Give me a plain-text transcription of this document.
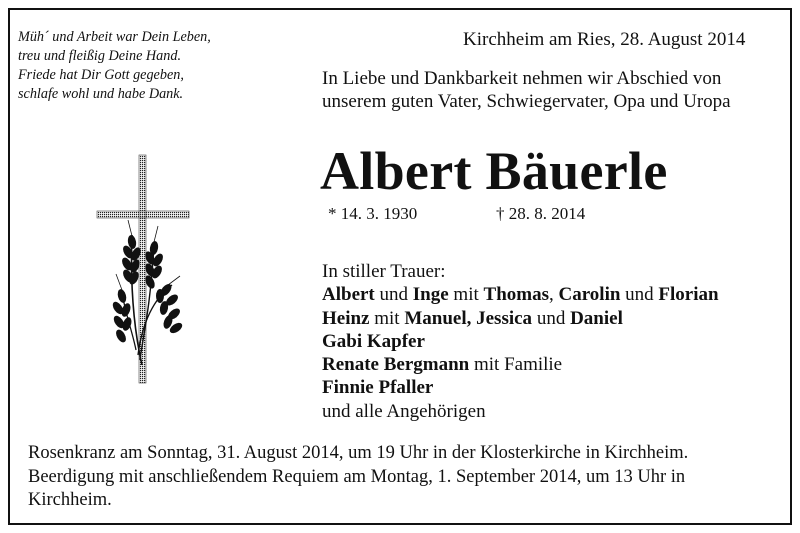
Müh´ und Arbeit war Dein Leben,
treu und fleißig Deine Hand.
Friede hat Dir Gott gegeben,
schlafe wohl und habe Dank.
Kirchheim am Ries, 28. August 2014
In Liebe und Dankbarkeit nehmen wir Abschied von
unserem guten Vater, Schwiegervater, Opa und Uropa
Albert Bäuerle
* 14. 3. 1930	† 28. 8. 2014
In stiller Trauer:
Albert und Inge mit Thomas, Carolin und Florian
Heinz mit Manuel, Jessica und Daniel
Gabi Kapfer
Renate Bergmann mit Familie
Finnie Pfaller
und alle Angehörigen
Rosenkranz am Sonntag, 31. August 2014, um 19 Uhr in der Klosterkirche in Kirchheim.
Beerdigung mit anschließendem Requiem am Montag, 1. September 2014, um 13 Uhr in
Kirchheim.
